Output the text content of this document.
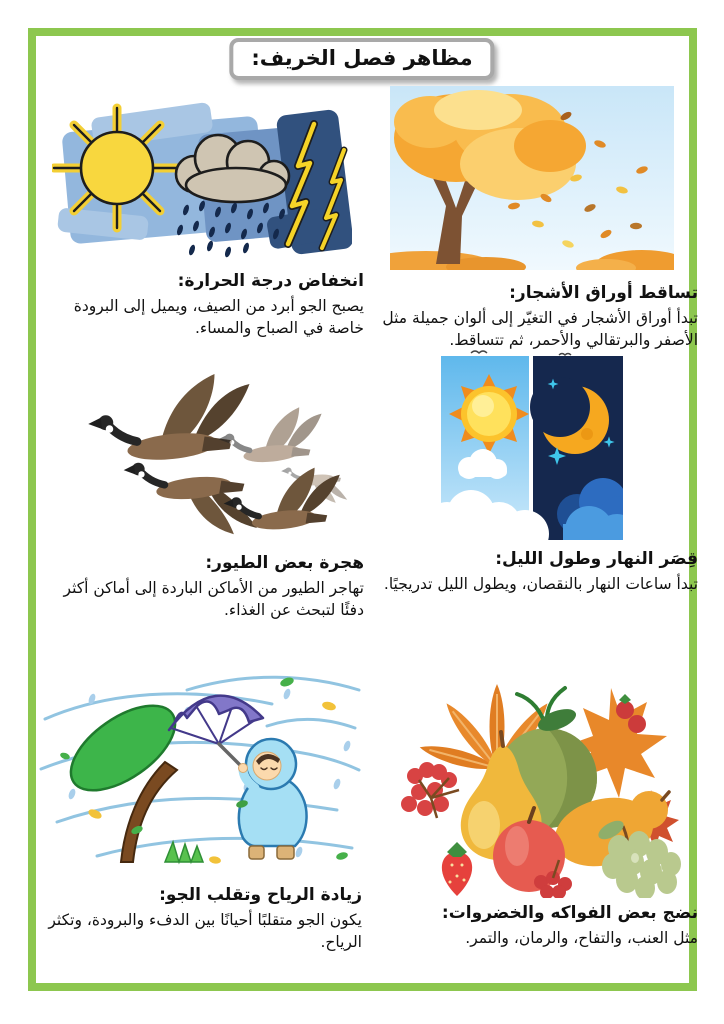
مظاهر فصل الخريف:
انخفاض درجة الحرارة:

يصبح الجو أبرد من الصيف، ويميل إلى البرودة خاصة في الصباح والمساء.

تساقط أوراق الأشجار:

تبدأ أوراق الأشجار في التغيّر إلى ألوان جميلة مثل الأصفر والبرتقالي والأحمر، ثم تتساقط.

هجرة بعض الطيور:

تهاجر الطيور من الأماكن الباردة إلى أماكن أكثر دفئًا لتبحث عن الغذاء.

قِصَر النهار وطول الليل:

تبدأ ساعات النهار بالنقصان، ويطول الليل تدريجيًا.

زيادة الرياح وتقلب الجو:

يكون الجو متقلبًا أحيانًا بين الدفء والبرودة، وتكثر الرياح.

نضج بعض الفواكه والخضروات:

مثل العنب، والتفاح، والرمان، والتمر.
